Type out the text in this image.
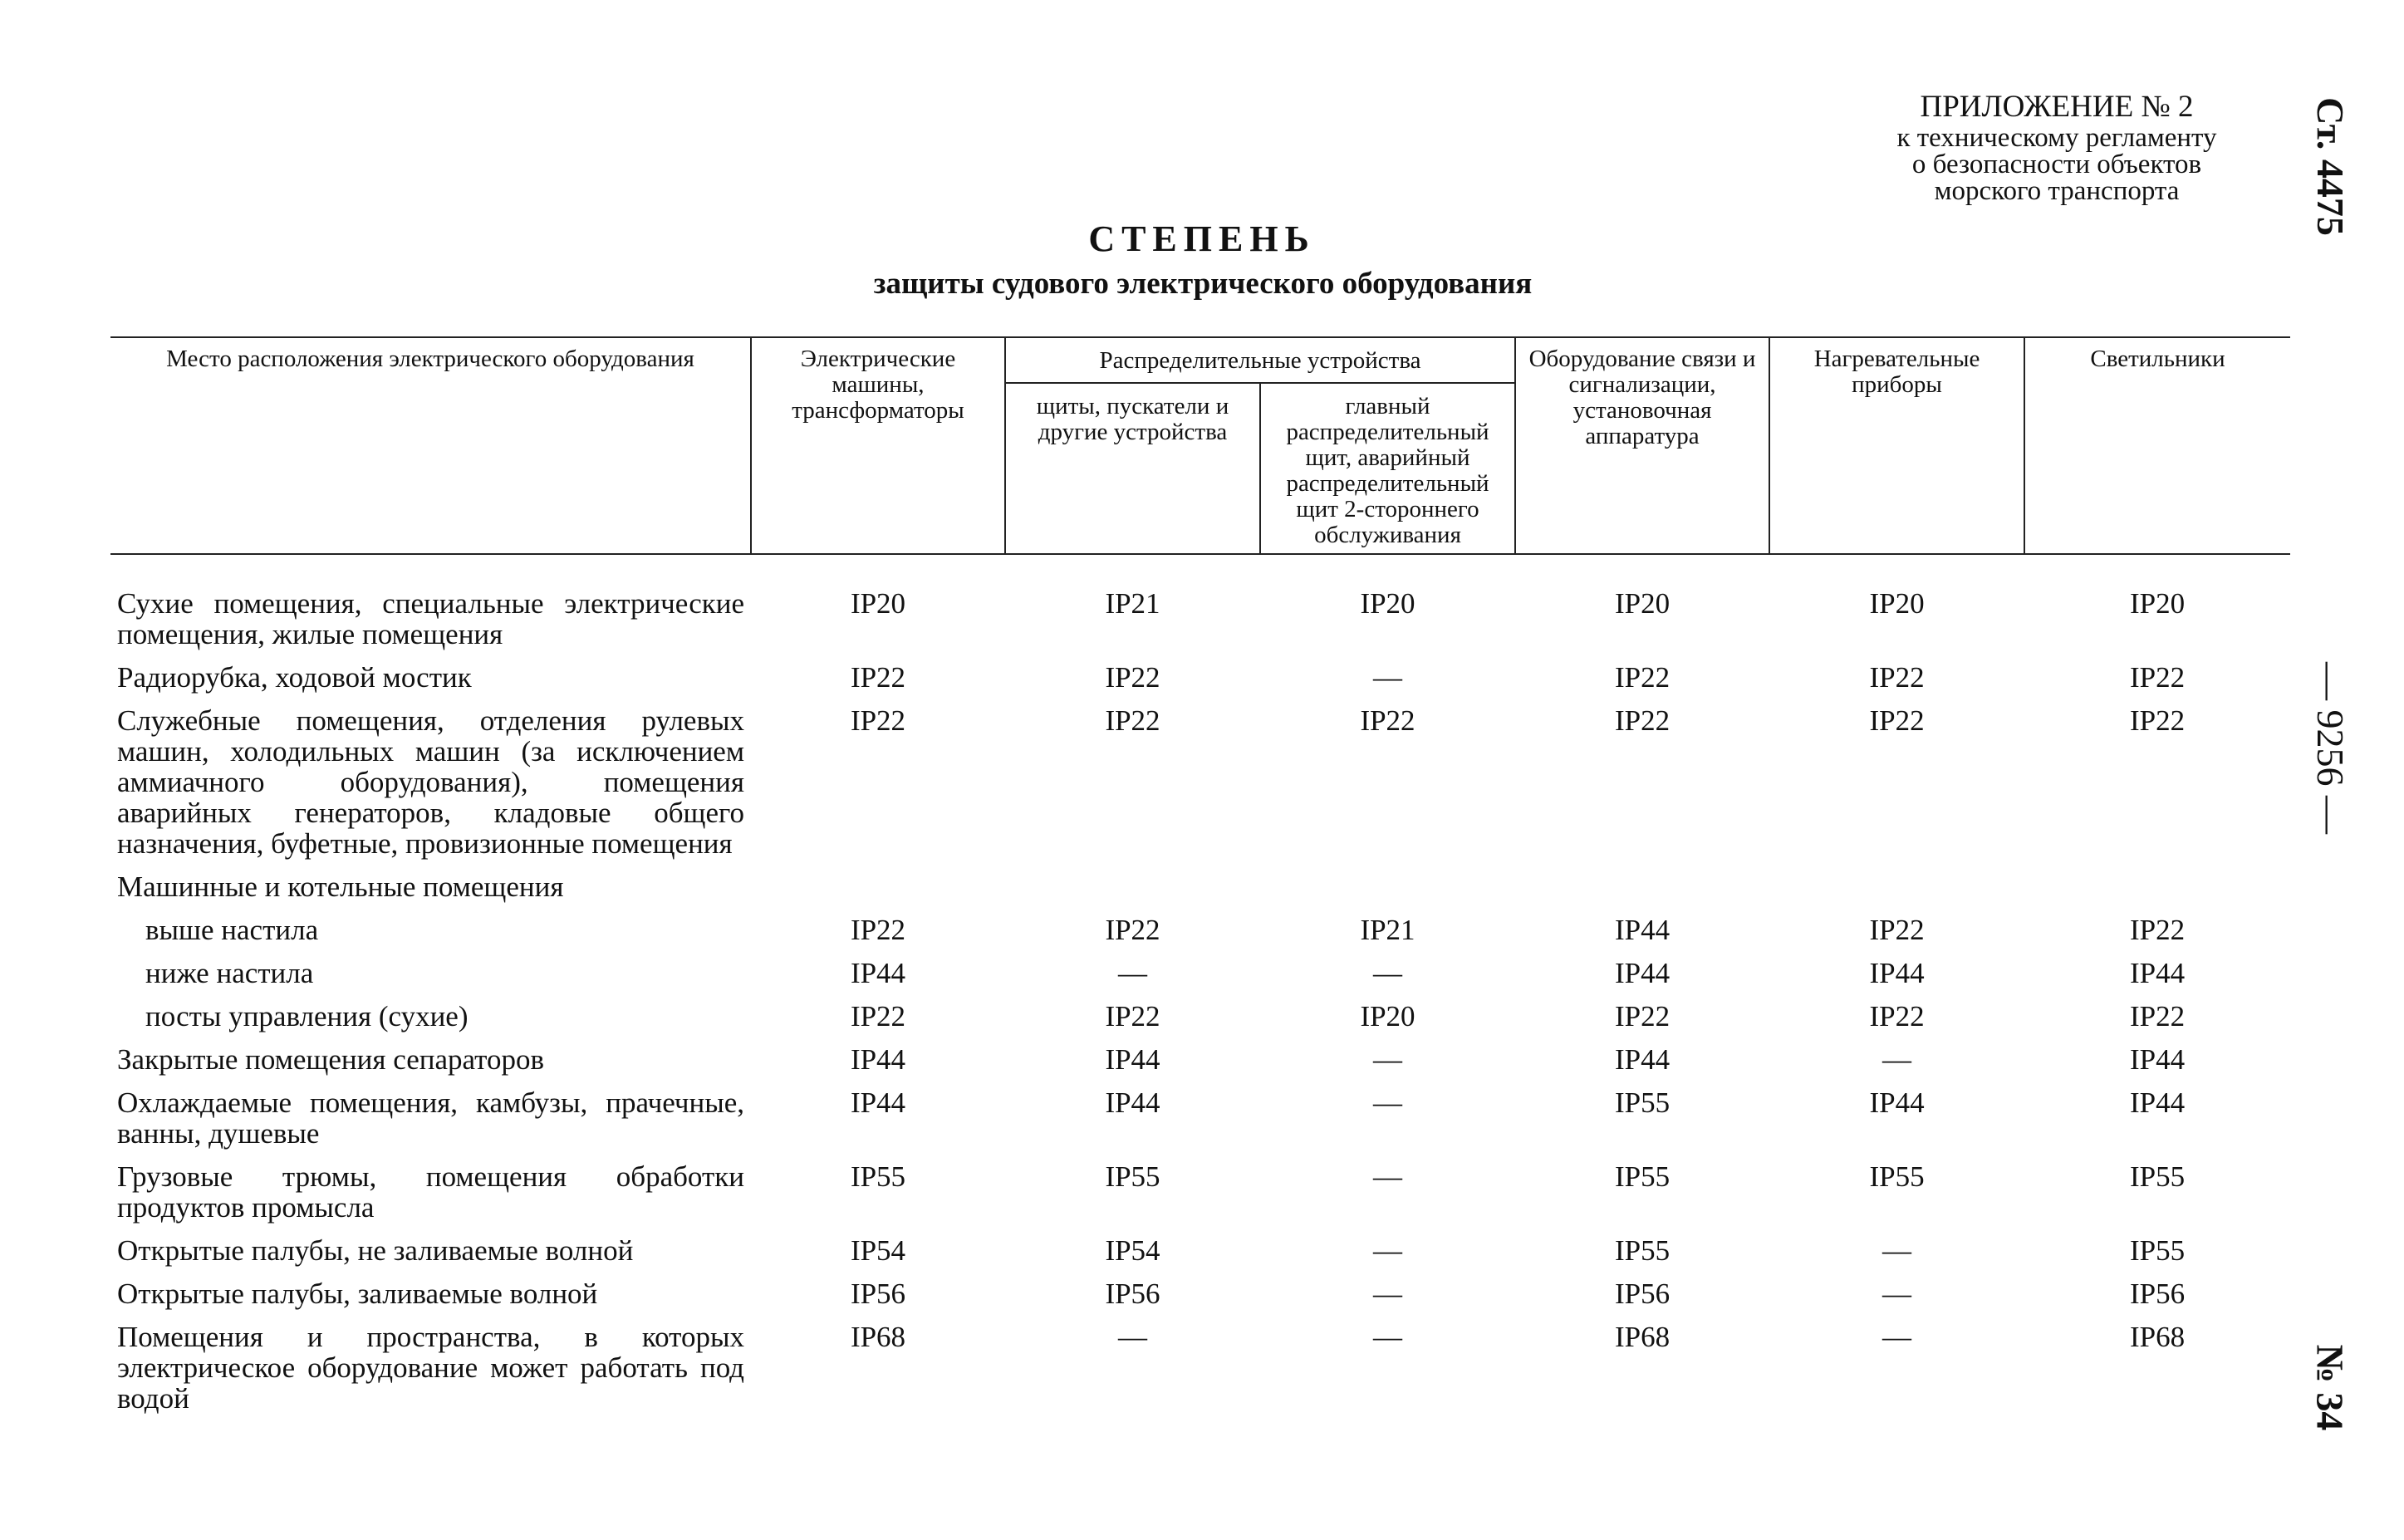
ПРИЛОЖЕНИЕ № 2
к техническому регламенту
о безопасности объектов
морского транспорта	Ст. 4475
— 9256 —
№ 34
СТЕПЕНЬ
защиты судового электрического оборудования
Место расположения электрического оборудования	Электрические машины, трансформаторы	Распределительные устройства		Оборудование связи и сигнализации, установочная аппаратура	Нагревательные приборы	Светильники
		щиты, пускатели и другие устройства	главный распределительный щит, аварийный распределительный щит 2-стороннего обслуживания			
Сухие помещения, специальные электрические помещения, жилые помещения	IP20	IP21	IP20	IP20	IP20	IP20
Радиорубка, ходовой мостик	IP22	IP22	—	IP22	IP22	IP22
Служебные помещения, отделения рулевых машин, холодильных машин (за исключением аммиачного оборудования), помещения аварийных генераторов, кладовые общего назначения, буфетные, провизионные помещения	IP22	IP22	IP22	IP22	IP22	IP22
Машинные и котельные помещения						
выше настила	IP22	IP22	IP21	IP44	IP22	IP22
ниже настила	IP44	—	—	IP44	IP44	IP44
посты управления (сухие)	IP22	IP22	IP20	IP22	IP22	IP22
Закрытые помещения сепараторов	IP44	IP44	—	IP44	—	IP44
Охлаждаемые помещения, камбузы, прачечные, ванны, душевые	IP44	IP44	—	IP55	IP44	IP44
Грузовые трюмы, помещения обработки продуктов промысла	IP55	IP55	—	IP55	IP55	IP55
Открытые палубы, не заливаемые волной	IP54	IP54	—	IP55	—	IP55
Открытые палубы, заливаемые волной	IP56	IP56	—	IP56	—	IP56
Помещения и пространства, в которых электрическое оборудование может работать под водой	IP68	—	—	IP68	—	IP68
